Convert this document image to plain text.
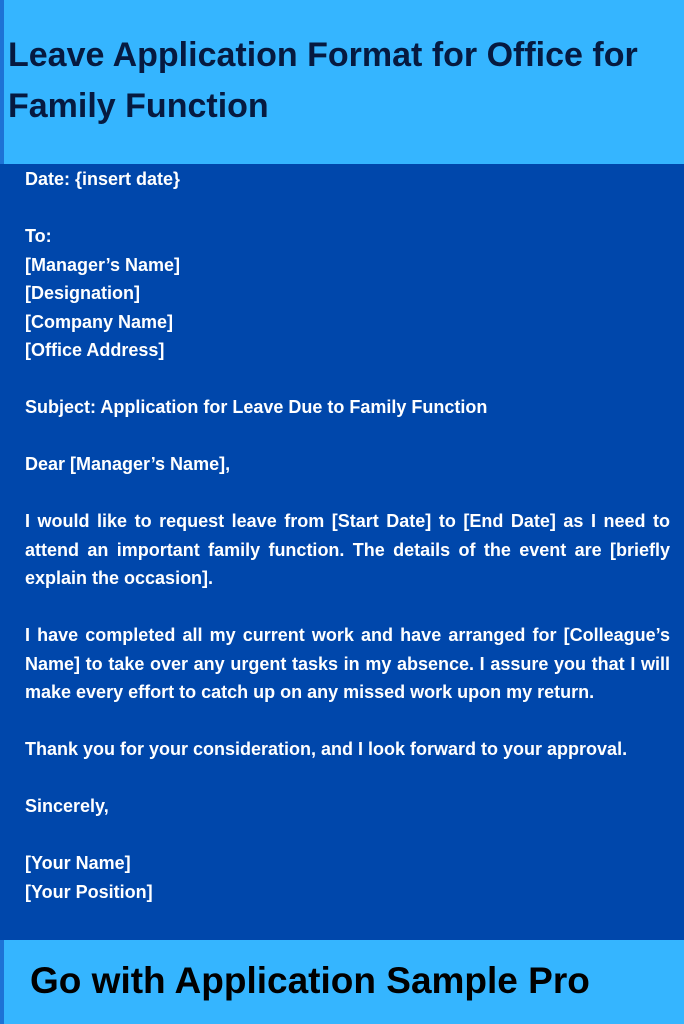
Leave Application Format for Office for Family Function

Date: {insert date}

To:

[Manager’s Name]

[Designation]

[Company Name]

[Office Address]

Subject: Application for Leave Due to Family Function

Dear [Manager’s Name],

I would like to request leave from [Start Date] to [End Date] as I need to attend an important family function. The details of the event are [briefly explain the occasion].

I have completed all my current work and have arranged for [Colleague’s Name] to take over any urgent tasks in my absence. I assure you that I will make every effort to catch up on any missed work upon my return.

Thank you for your consideration, and I look forward to your approval.

Sincerely,

[Your Name]

[Your Position]

Go with Application Sample Pro
